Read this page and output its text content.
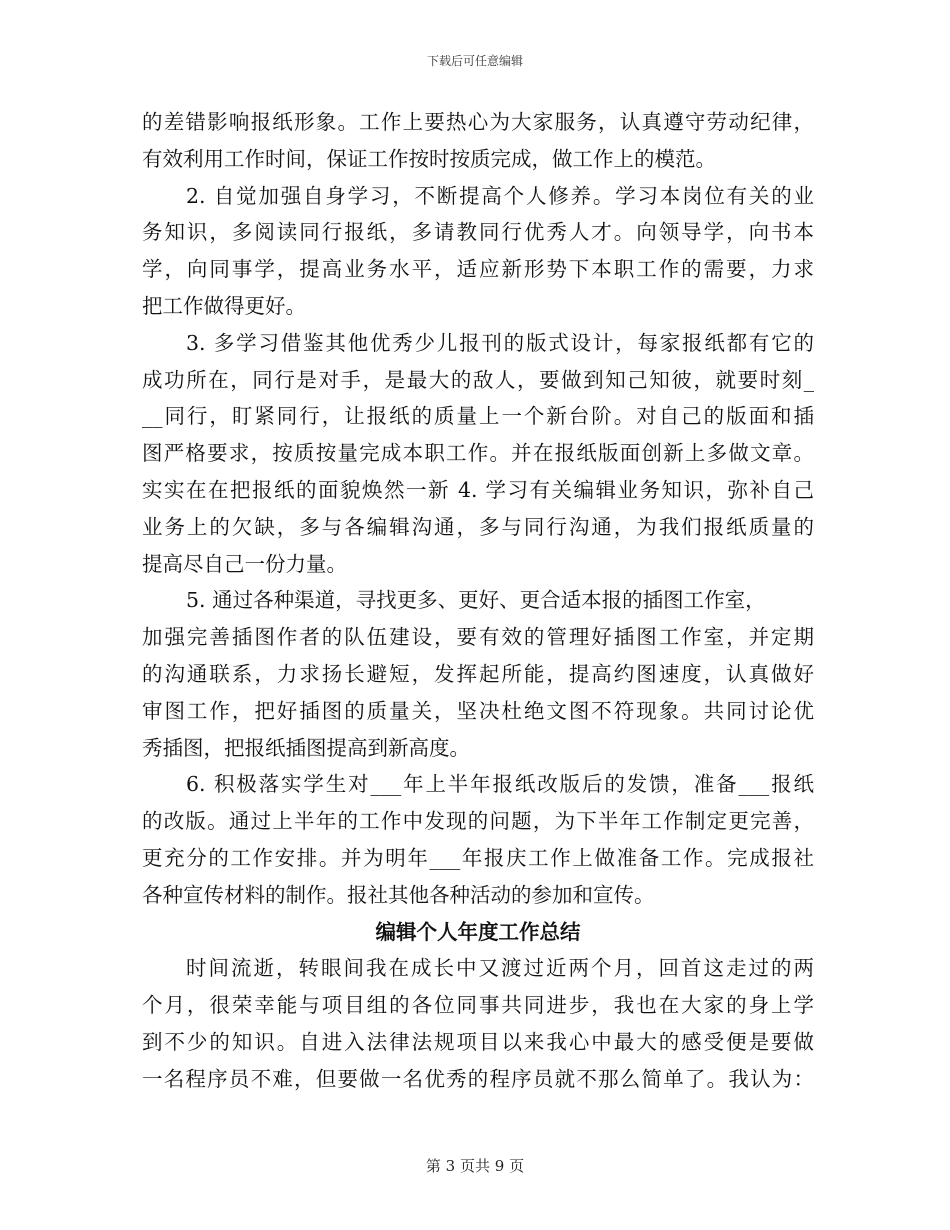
下载后可任意编辑
的差错影响报纸形象。工作上要热心为大家服务，认真遵守劳动纪律，
有效利用工作时间，保证工作按时按质完成，做工作上的模范。
2. 自觉加强自身学习，不断提高个人修养。学习本岗位有关的业
务知识，多阅读同行报纸，多请教同行优秀人才。向领导学，向书本
学，向同事学，提高业务水平，适应新形势下本职工作的需要，力求
把工作做得更好。
3. 多学习借鉴其他优秀少儿报刊的版式设计，每家报纸都有它的
成功所在，同行是对手，是最大的敌人，要做到知己知彼，就要时刻_
__同行，盯紧同行，让报纸的质量上一个新台阶。对自己的版面和插
图严格要求，按质按量完成本职工作。并在报纸版面创新上多做文章。
实实在在把报纸的面貌焕然一新 4. 学习有关编辑业务知识，弥补自己
业务上的欠缺，多与各编辑沟通，多与同行沟通，为我们报纸质量的
提高尽自己一份力量。
5. 通过各种渠道，寻找更多、更好、更合适本报的插图工作室，
加强完善插图作者的队伍建设，要有效的管理好插图工作室，并定期
的沟通联系，力求扬长避短，发挥起所能，提高约图速度，认真做好
审图工作，把好插图的质量关，坚决杜绝文图不符现象。共同讨论优
秀插图，把报纸插图提高到新高度。
6. 积极落实学生对___年上半年报纸改版后的发馈，准备___报纸
的改版。通过上半年的工作中发现的问题，为下半年工作制定更完善，
更充分的工作安排。并为明年___年报庆工作上做准备工作。完成报社
各种宣传材料的制作。报社其他各种活动的参加和宣传。
编辑个人年度工作总结
时间流逝，转眼间我在成长中又渡过近两个月，回首这走过的两
个月，很荣幸能与项目组的各位同事共同进步，我也在大家的身上学
到不少的知识。自进入法律法规项目以来我心中最大的感受便是要做
一名程序员不难，但要做一名优秀的程序员就不那么简单了。我认为：
第 3 页共 9 页
